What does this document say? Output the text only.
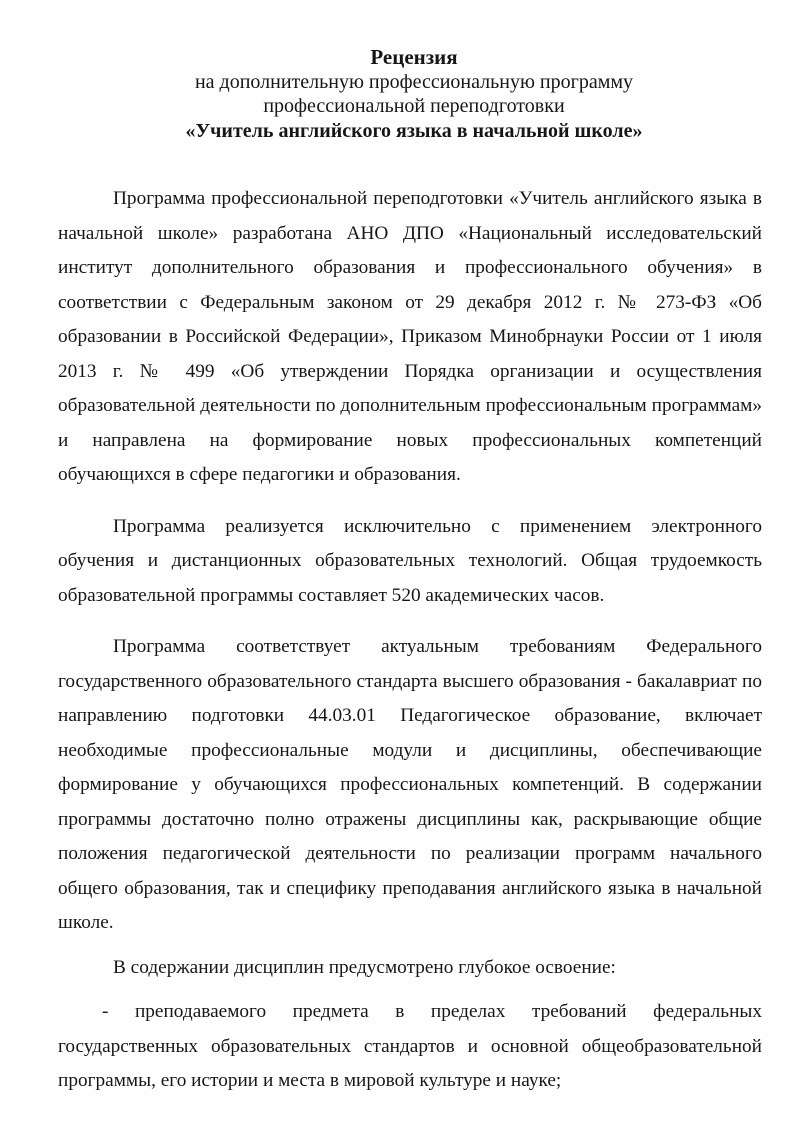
Рецензия
на дополнительную профессиональную программу
профессиональной переподготовки
«Учитель английского языка в начальной школе»

Программа профессиональной переподготовки «Учитель английского языка в начальной школе» разработана АНО ДПО «Национальный исследовательский институт дополнительного образования и профессионального обучения» в соответствии с Федеральным законом от 29 декабря 2012 г. № 273-ФЗ «Об образовании в Российской Федерации», Приказом Минобрнауки России от 1 июля 2013 г. № 499 «Об утверждении Порядка организации и осуществления образовательной деятельности по дополнительным профессиональным программам» и направлена на формирование новых профессиональных компетенций обучающихся в сфере педагогики и образования.

Программа реализуется исключительно с применением электронного обучения и дистанционных образовательных технологий. Общая трудоемкость образовательной программы составляет 520 академических часов.

Программа соответствует актуальным требованиям Федерального государственного образовательного стандарта высшего образования - бакалавриат по направлению подготовки 44.03.01 Педагогическое образование, включает необходимые профессиональные модули и дисциплины, обеспечивающие формирование у обучающихся профессиональных компетенций. В содержании программы достаточно полно отражены дисциплины как, раскрывающие общие положения педагогической деятельности по реализации программ начального общего образования, так и специфику преподавания английского языка в начальной школе.

В содержании дисциплин предусмотрено глубокое освоение:

- преподаваемого предмета в пределах требований федеральных государственных образовательных стандартов и основной общеобразовательной программы, его истории и места в мировой культуре и науке;
